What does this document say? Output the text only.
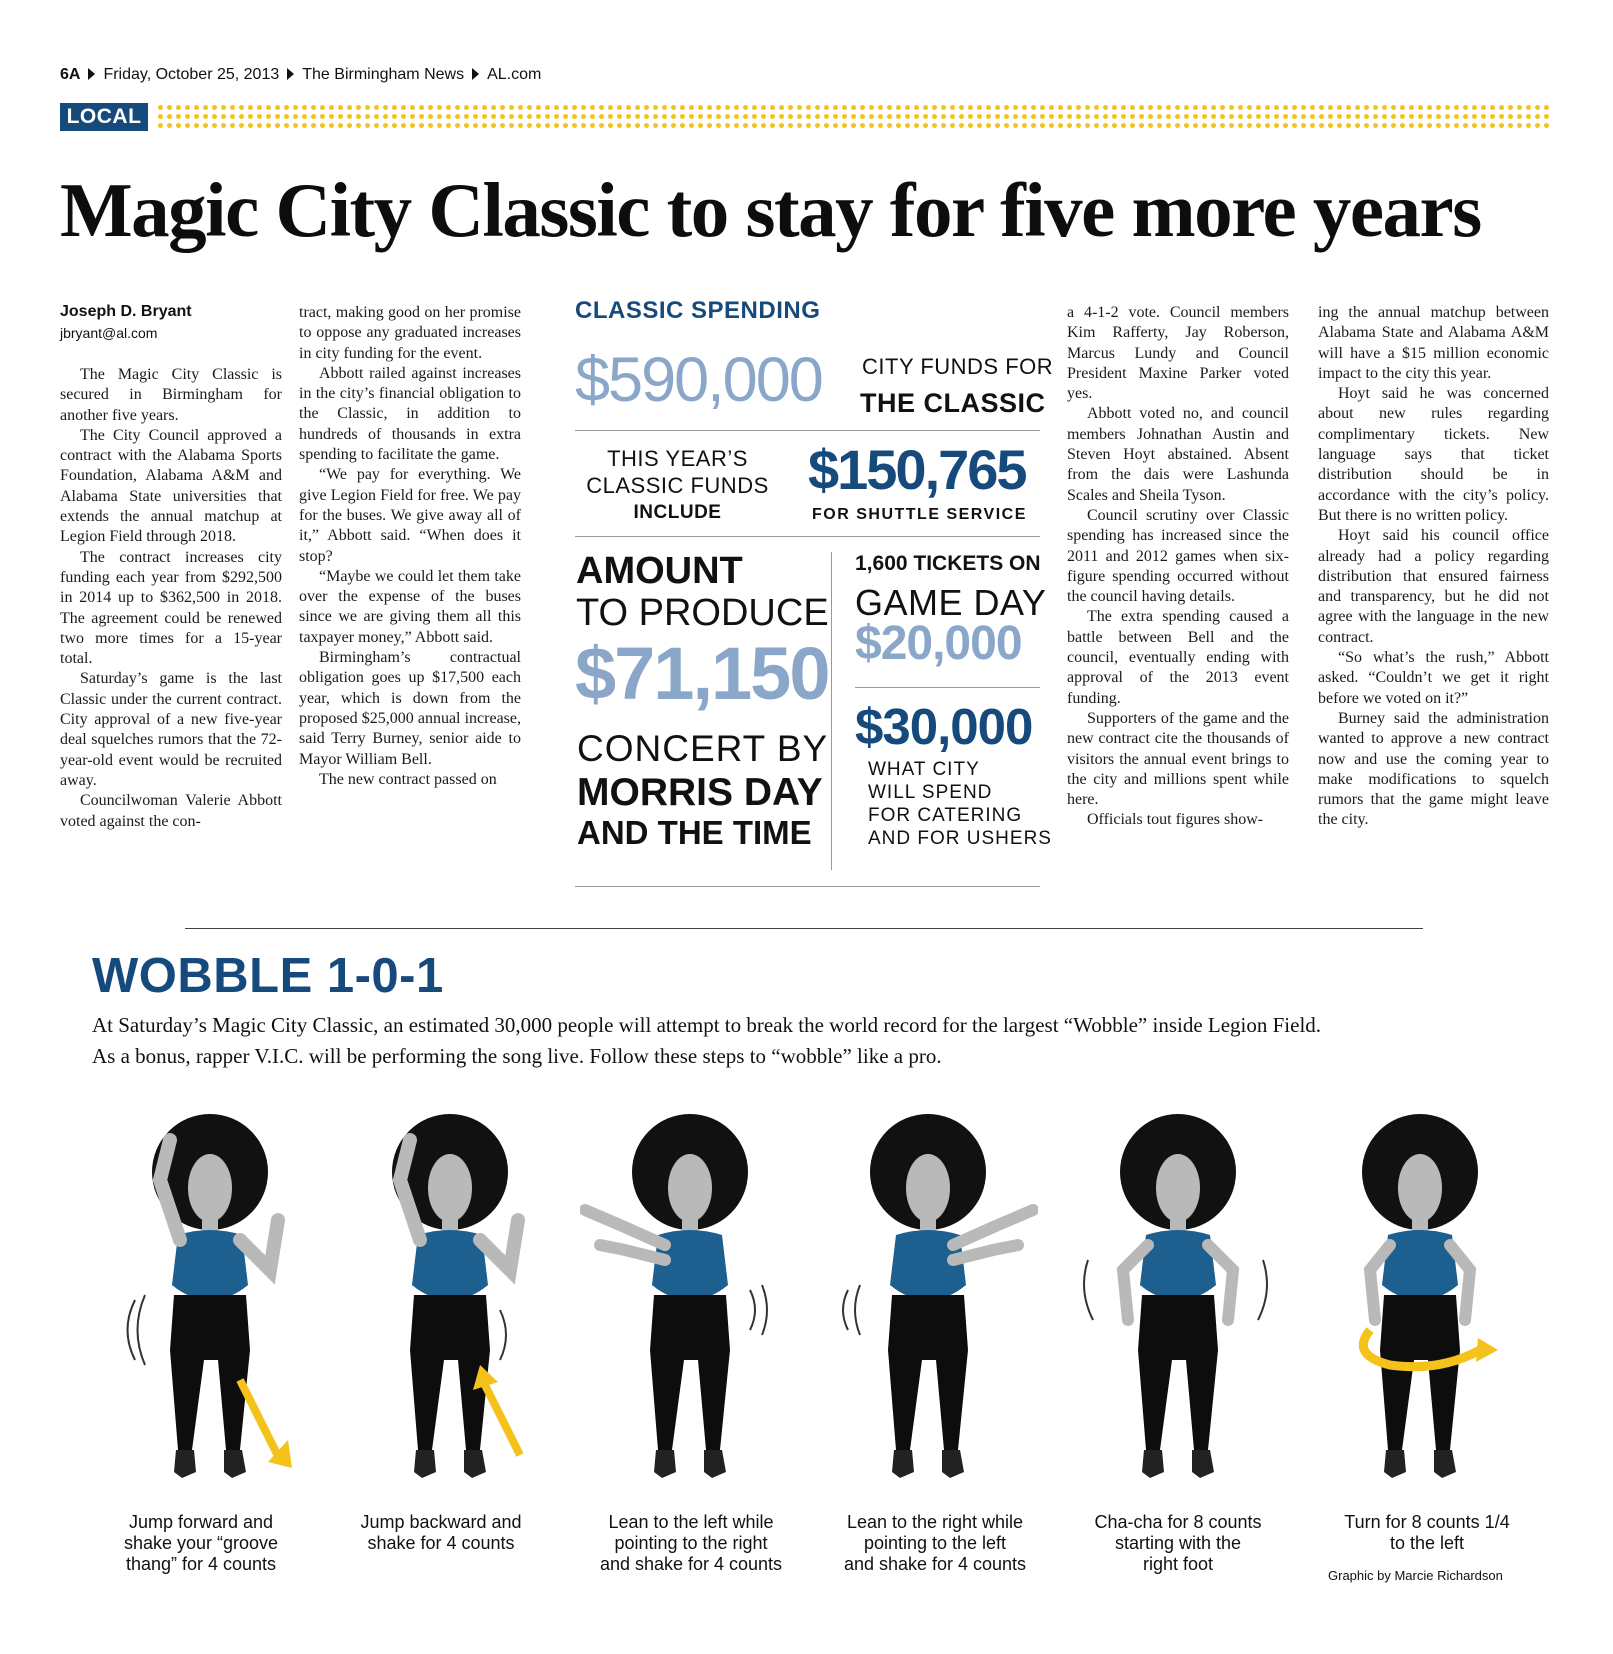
6A Friday, October 25, 2013 The Birmingham News AL.com
LOCAL
Magic City Classic to stay for five more years
Joseph D. Bryant
jbryant@al.com

The Magic City Classic is secured in Birmingham for another five years.

The City Council approved a contract with the Alabama Sports Foundation, Alabama A&M and Alabama State universities that extends the annual matchup at Legion Field through 2018.

The contract increases city funding each year from $292,500 in 2014 up to $362,500 in 2018. The agreement could be renewed two more times for a 15-year total.

Saturday’s game is the last Classic under the current contract. City approval of a new five-year deal squelches rumors that the 72-year-old event would be recruited away.

Councilwoman Valerie Abbott voted against the con-

tract, making good on her promise to oppose any graduated increases in city funding for the event.

Abbott railed against increases in the city’s financial obligation to the Classic, in addition to hundreds of thousands in extra spending to facilitate the game.

“We pay for everything. We give Legion Field for free. We pay for the buses. We give away all of it,” Abbott said. “When does it stop?

“Maybe we could let them take over the expense of the buses since we are giving them all this taxpayer money,” Abbott said.

Birmingham’s contractual obligation goes up $17,500 each year, which is down from the proposed $25,000 annual increase, said Terry Burney, senior aide to Mayor William Bell.

The new contract passed on

CLASSIC SPENDING
$590,000 CITY FUNDS FOR
THE CLASSIC
THIS YEAR’S
CLASSIC FUNDS
INCLUDE
$150,765
FOR SHUTTLE SERVICE
AMOUNT
TO PRODUCE
$71,150
CONCERT BY
MORRIS DAY
AND THE TIME
1,600 TICKETS ON
GAME DAY
$20,000
$30,000
WHAT CITY
WILL SPEND
FOR CATERING
AND FOR USHERS

a 4-1-2 vote. Council members Kim Rafferty, Jay Roberson, Marcus Lundy and Council President Maxine Parker voted yes.

Abbott voted no, and council members Johnathan Austin and Steven Hoyt abstained. Absent from the dais were Lashunda Scales and Sheila Tyson.

Council scrutiny over Classic spending has increased since the 2011 and 2012 games when six-figure spending occurred without the council having details.

The extra spending caused a battle between Bell and the council, eventually ending with approval of the 2013 event funding.

Supporters of the game and the new contract cite the thousands of visitors the annual event brings to the city and millions spent while here.

Officials tout figures show-

ing the annual matchup between Alabama State and Alabama A&M will have a $15 million economic impact to the city this year.

Hoyt said he was concerned about new rules regarding complimentary tickets. New language says that ticket distribution should be in accordance with the city’s policy. But there is no written policy.

Hoyt said his council office already had a policy regarding distribution that ensured fairness and transparency, but he did not agree with the language in the new contract.

“So what’s the rush,” Abbott asked. “Couldn’t we get it right before we voted on it?”

Burney said the administration wanted to approve a new contract now and use the coming year to make modifications to squelch rumors that the game might leave the city.

WOBBLE 1-0-1
At Saturday’s Magic City Classic, an estimated 30,000 people will attempt to break the world record for the largest “Wobble” inside Legion Field.
As a bonus, rapper V.I.C. will be performing the song live. Follow these steps to “wobble” like a pro.
Jump forward and
shake your “groove
thang” for 4 counts
Jump backward and
shake for 4 counts
Lean to the left while
pointing to the right
and shake for 4 counts
Lean to the right while
pointing to the left
and shake for 4 counts
Cha-cha for 8 counts
starting with the
right foot
Turn for 8 counts 1/4
to the left
Graphic by Marcie Richardson
